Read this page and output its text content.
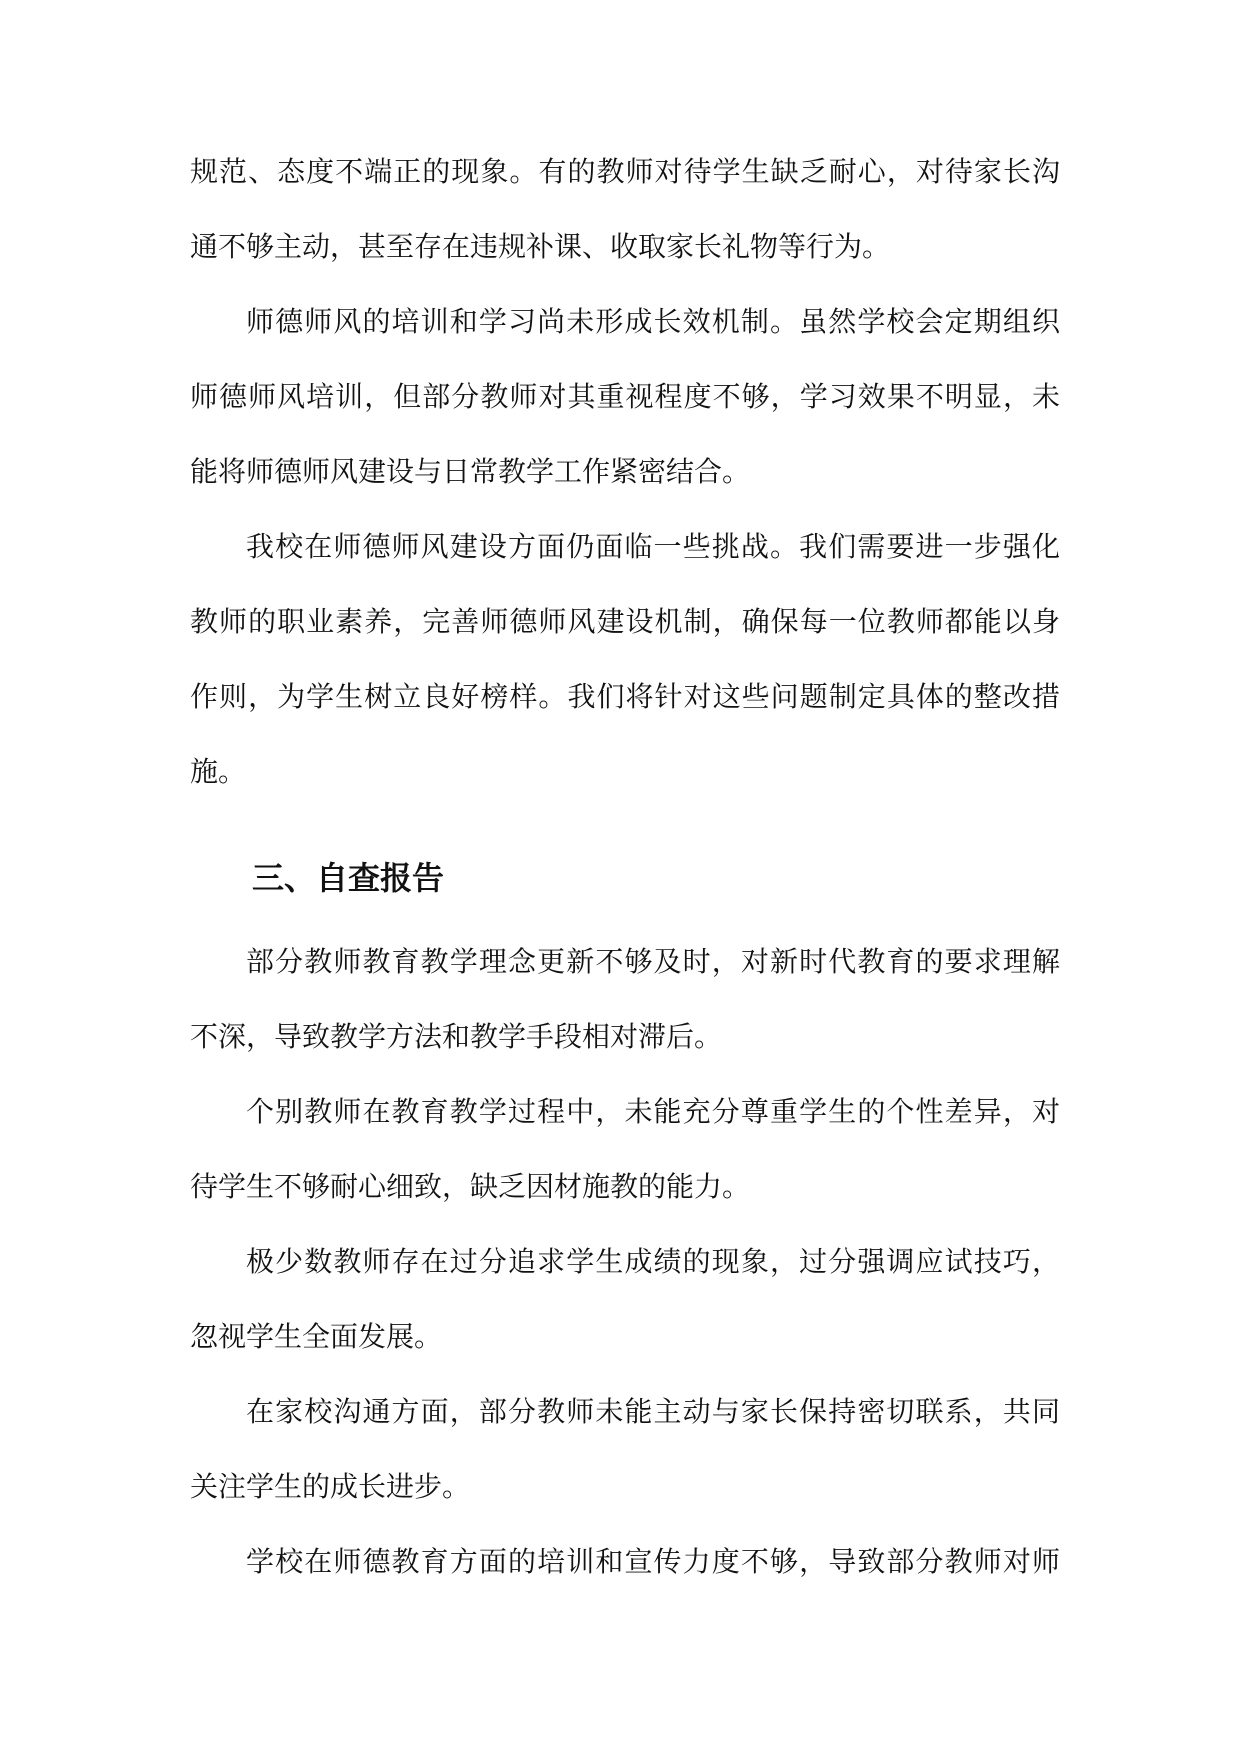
规范、态度不端正的现象。有的教师对待学生缺乏耐心，对待家长沟
通不够主动，甚至存在违规补课、收取家长礼物等行为。
师德师风的培训和学习尚未形成长效机制。虽然学校会定期组织
师德师风培训，但部分教师对其重视程度不够，学习效果不明显，未
能将师德师风建设与日常教学工作紧密结合。
我校在师德师风建设方面仍面临一些挑战。我们需要进一步强化
教师的职业素养，完善师德师风建设机制，确保每一位教师都能以身
作则，为学生树立良好榜样。我们将针对这些问题制定具体的整改措
施。
三、自查报告
部分教师教育教学理念更新不够及时，对新时代教育的要求理解
不深，导致教学方法和教学手段相对滞后。
个别教师在教育教学过程中，未能充分尊重学生的个性差异，对
待学生不够耐心细致，缺乏因材施教的能力。
极少数教师存在过分追求学生成绩的现象，过分强调应试技巧，
忽视学生全面发展。
在家校沟通方面，部分教师未能主动与家长保持密切联系，共同
关注学生的成长进步。
学校在师德教育方面的培训和宣传力度不够，导致部分教师对师
